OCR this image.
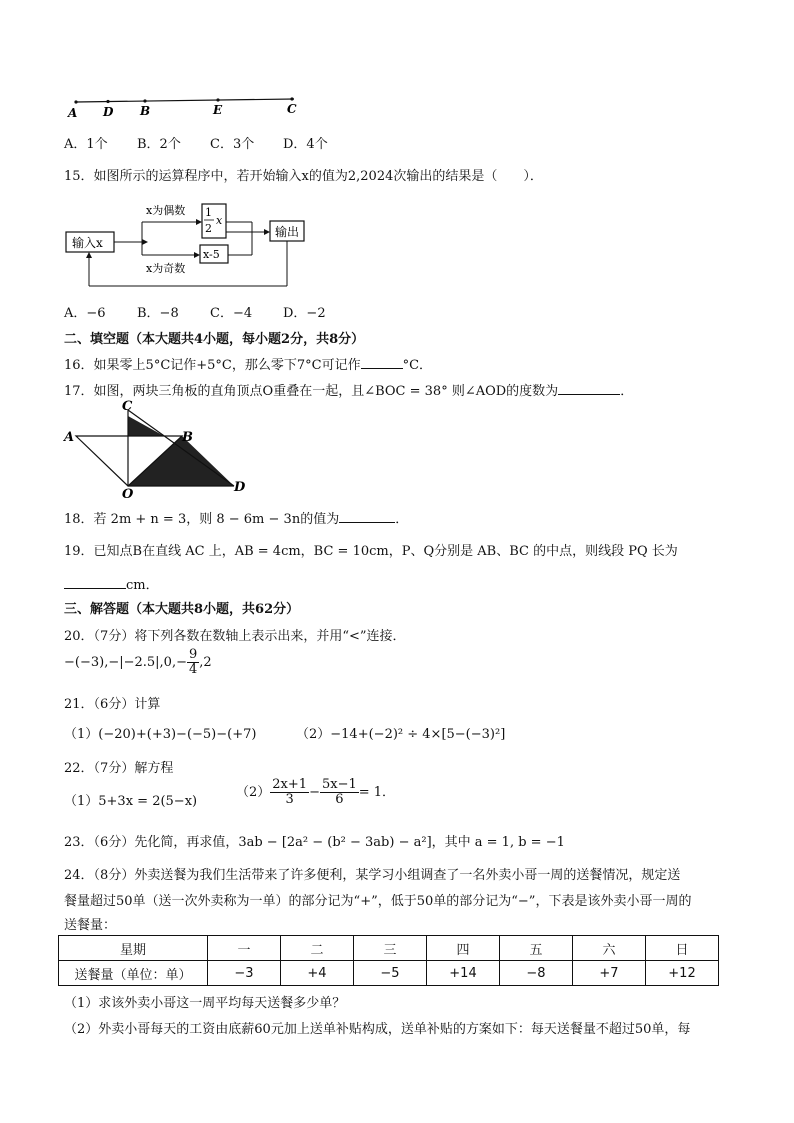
A D B	E	C
A．1个 B．2个 C．3个 D．4个
15．如图所示的运算程序中，若开始输入x的值为2,2024次输出的结果是（　　）．
输入x
x为偶数
x为奇数
1
2
x
x-5
输出
A．−6 B．−8 C．−4 D．−2
二、填空题（本大题共4小题，每小题2分，共8分）
16．如果零上5°C记作+5°C，那么零下7°C可记作	°C．
17．如图，两块三角板的直角顶点O重叠在一起，且∠BOC = 38° 则∠AOD的度数为	．
C
A	B
O	D
18．若 2m + n = 3，则 8 − 6m − 3n的值为	．
19．已知点B在直线 AC 上，AB = 4cm，BC = 10cm，P、Q分别是 AB、BC 的中点，则线段 PQ 长为
cm．
三、解答题（本大题共8小题，共62分）
20．（7分）将下列各数在数轴上表示出来，并用“<”连接．
$-(-3),-|-2.5|,0,- \frac{9}{4} ,2$
21．（6分）计算
（1）(−20)+(+3)−(−5)−(+7)	（2）−14+(−2)² ÷ 4×[5−(−3)²]
22．（7分）解方程
（1）5+3x = 2(5−x)
$(2) \frac{2x+1}{3} - \frac{5x-1}{6} = 1$．
23．（6分）先化简，再求值，3ab − [2a² − (b² − 3ab) − a²]，其中 a = 1, b = −1
24．（8分）外卖送餐为我们生活带来了许多便利，某学习小组调查了一名外卖小哥一周的送餐情况，规定送
餐量超过50单（送一次外卖称为一单）的部分记为“+”，低于50单的部分记为“−”，下表是该外卖小哥一周的
送餐量：
星期	一	二	三	四	五	六	日
送餐量（单位：单）	−3	+4	−5	+14	−8	+7	+12
（1）求该外卖小哥这一周平均每天送餐多少单？
（2）外卖小哥每天的工资由底薪60元加上送单补贴构成，送单补贴的方案如下：每天送餐量不超过50单，每
